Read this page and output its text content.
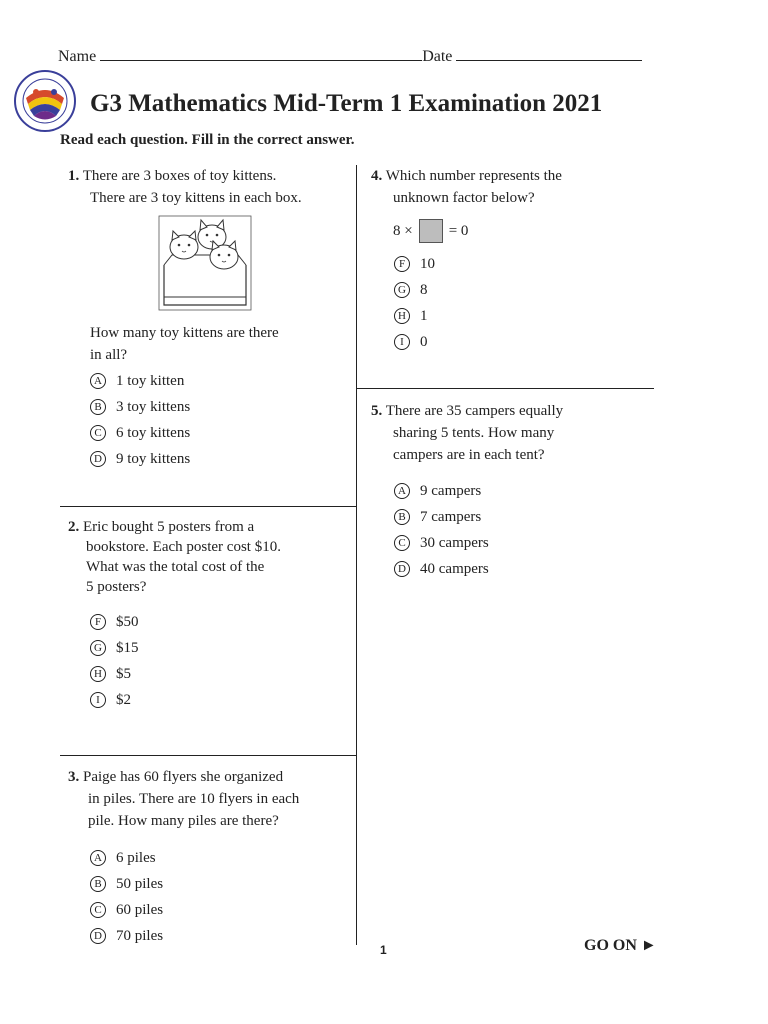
Name	Date
G3 Mathematics Mid-Term 1 Examination 2021
Read each question. Fill in the correct answer.
1. There are 3 boxes of toy kittens.
There are 3 toy kittens in each box.
How many toy kittens are there
in all?
A 1 toy kitten
B 3 toy kittens
C 6 toy kittens
D 9 toy kittens
2. Eric bought 5 posters from a
bookstore. Each poster cost $10.
What was the total cost of the
5 posters?
F $50
G $15
H $5
I	$2
3. Paige has 60 flyers she organized
in piles. There are 10 flyers in each
pile. How many piles are there?
A 6 piles
B 50 piles
C 60 piles
D 70 piles
4. Which number represents the
unknown factor below?
8 × = 0
F 10
G 8
H 1
I	0
5. There are 35 campers equally
sharing 5 tents. How many
campers are in each tent?
A 9 campers
B 7 campers
C 30 campers
D 40 campers
1	GO ON ►
